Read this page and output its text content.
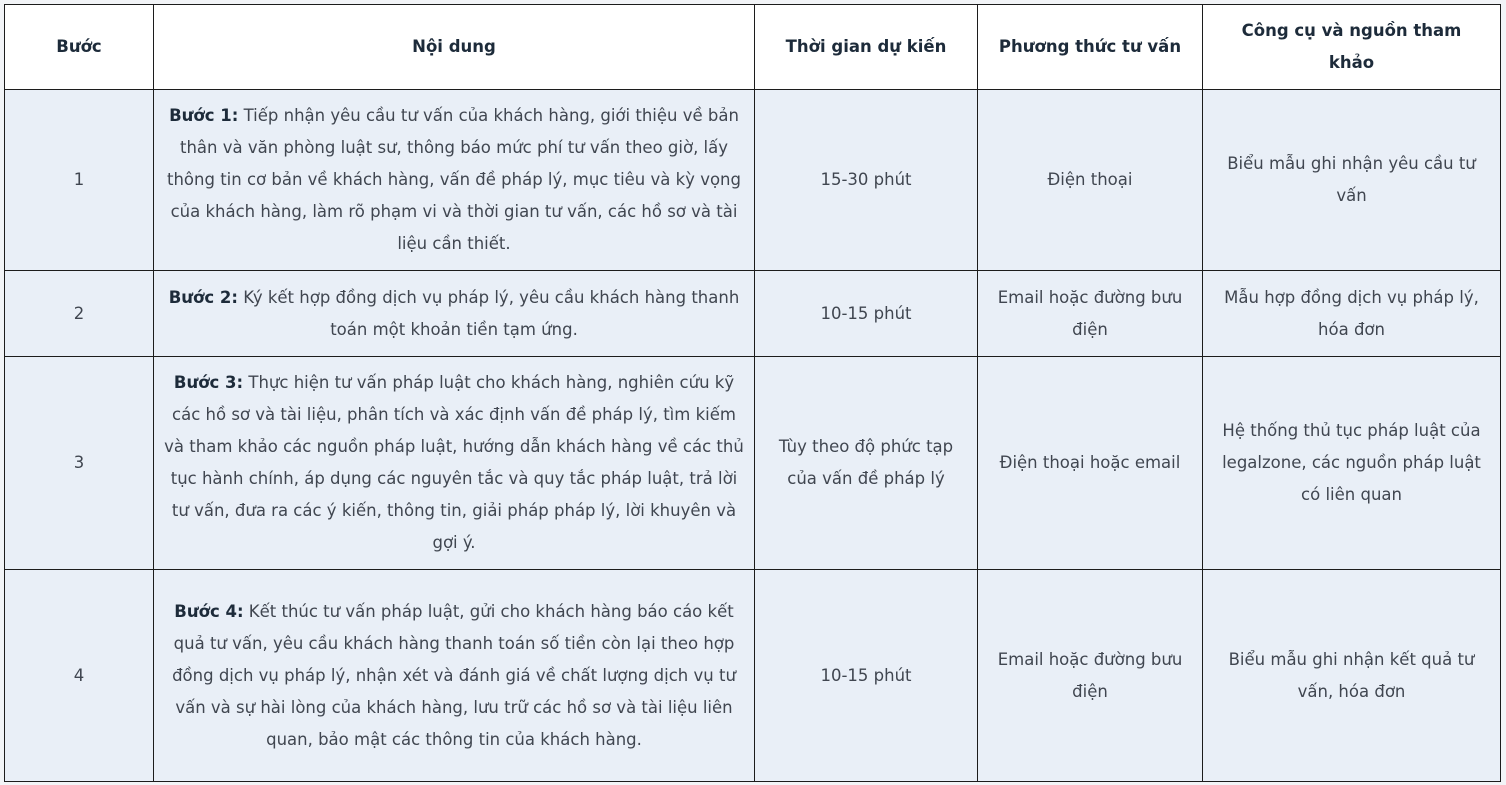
Bước	Nội dung	Thời gian dự kiến	Phương thức tư vấn	Công cụ và nguồn tham khảo
1	Bước 1: Tiếp nhận yêu cầu tư vấn của khách hàng, giới thiệu về bản thân và văn phòng luật sư, thông báo mức phí tư vấn theo giờ, lấy thông tin cơ bản về khách hàng, vấn đề pháp lý, mục tiêu và kỳ vọng của khách hàng, làm rõ phạm vi và thời gian tư vấn, các hồ sơ và tài liệu cần thiết.	15-30 phút	Điện thoại	Biểu mẫu ghi nhận yêu cầu tư vấn
2	Bước 2: Ký kết hợp đồng dịch vụ pháp lý, yêu cầu khách hàng thanh toán một khoản tiền tạm ứng.	10-15 phút	Email hoặc đường bưu điện	Mẫu hợp đồng dịch vụ pháp lý, hóa đơn
3	Bước 3: Thực hiện tư vấn pháp luật cho khách hàng, nghiên cứu kỹ các hồ sơ và tài liệu, phân tích và xác định vấn đề pháp lý, tìm kiếm và tham khảo các nguồn pháp luật, hướng dẫn khách hàng về các thủ tục hành chính, áp dụng các nguyên tắc và quy tắc pháp luật, trả lời tư vấn, đưa ra các ý kiến, thông tin, giải pháp pháp lý, lời khuyên và gợi ý.	Tùy theo độ phức tạp của vấn đề pháp lý	Điện thoại hoặc email	Hệ thống thủ tục pháp luật của legalzone, các nguồn pháp luật có liên quan
4	Bước 4: Kết thúc tư vấn pháp luật, gửi cho khách hàng báo cáo kết quả tư vấn, yêu cầu khách hàng thanh toán số tiền còn lại theo hợp đồng dịch vụ pháp lý, nhận xét và đánh giá về chất lượng dịch vụ tư vấn và sự hài lòng của khách hàng, lưu trữ các hồ sơ và tài liệu liên quan, bảo mật các thông tin của khách hàng.	10-15 phút	Email hoặc đường bưu điện	Biểu mẫu ghi nhận kết quả tư vấn, hóa đơn
